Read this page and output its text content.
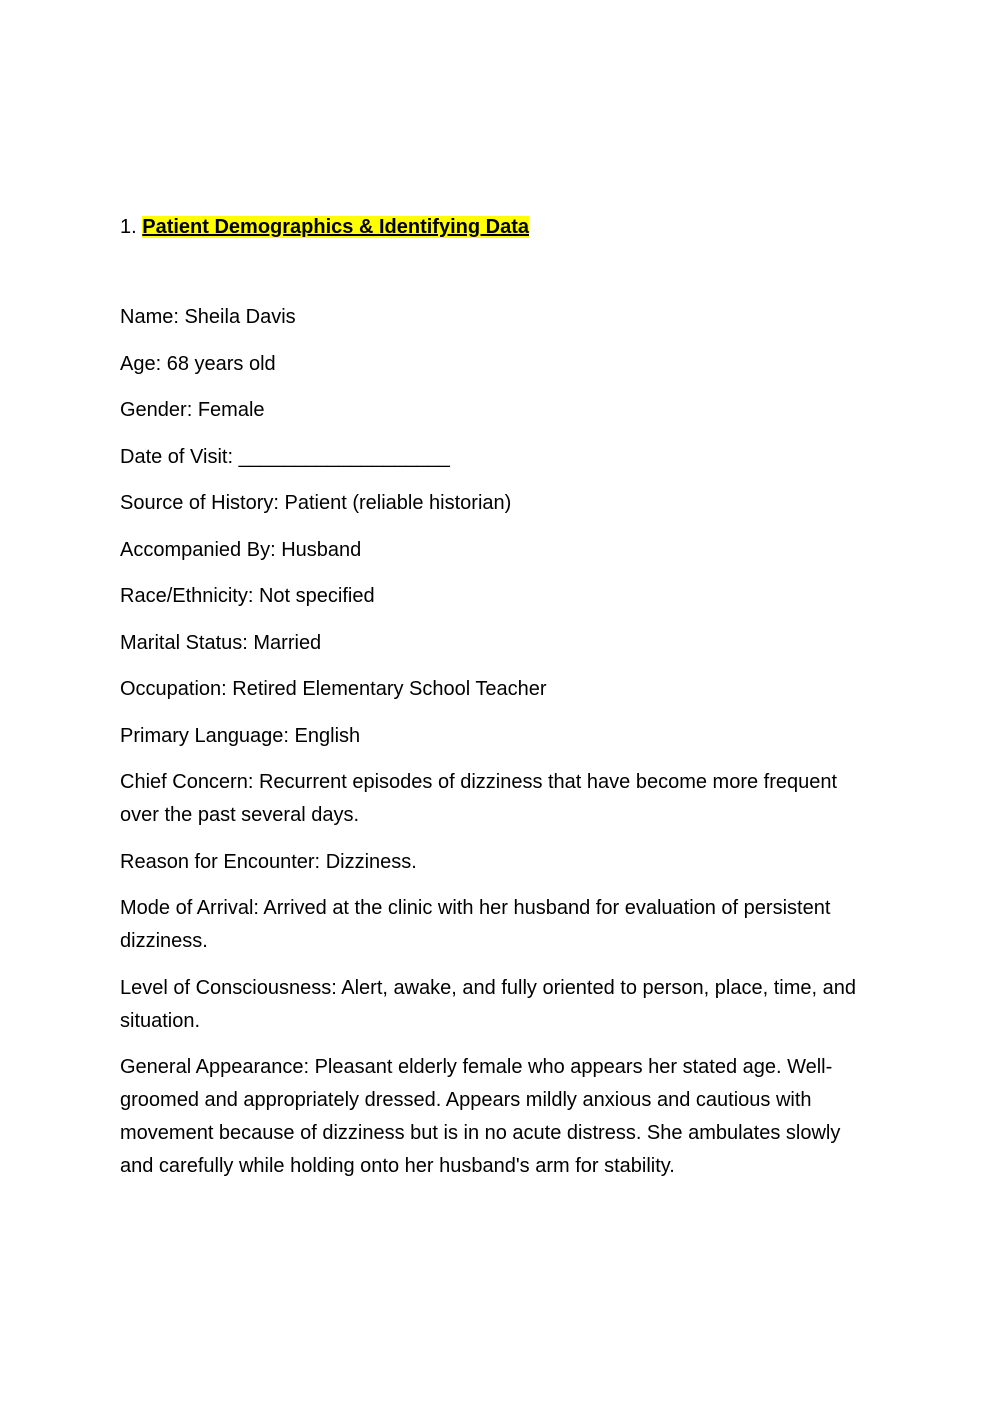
1. Patient Demographics & Identifying Data
Name: Sheila Davis
Age: 68 years old
Gender: Female
Date of Visit: ___________________
Source of History: Patient (reliable historian)
Accompanied By: Husband
Race/Ethnicity: Not specified
Marital Status: Married
Occupation: Retired Elementary School Teacher
Primary Language: English
Chief Concern: Recurrent episodes of dizziness that have become more frequent over the past several days.
Reason for Encounter: Dizziness.
Mode of Arrival: Arrived at the clinic with her husband for evaluation of persistent dizziness.
Level of Consciousness: Alert, awake, and fully oriented to person, place, time, and situation.
General Appearance: Pleasant elderly female who appears her stated age. Well-groomed and appropriately dressed. Appears mildly anxious and cautious with movement because of dizziness but is in no acute distress. She ambulates slowly and carefully while holding onto her husband's arm for stability.
